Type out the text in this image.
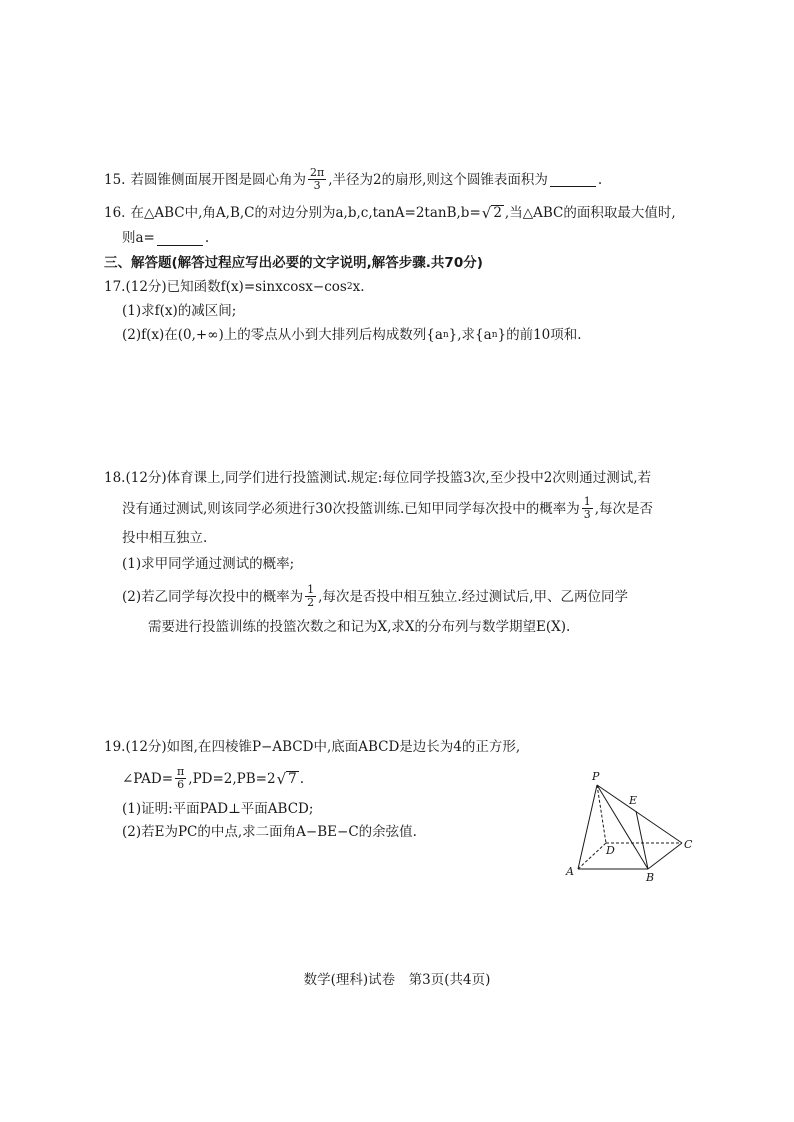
15. 若圆锥侧面展开图是圆心角为 $\frac{2\pi}{3}$ ,半径为2的扇形,则这个圆锥表面积为	.
16. 在△ABC中,角A,B,C的对边分别为a,b,c,tanA=2tanB,b= √ 2 ,当△ABC的面积取最大值时,
则a=	.
三、解答题(解答过程应写出必要的文字说明,解答步骤.共70分)
17.(12分)已知函数f(x)=sinxcosx−cos 2 x.
(1)求f(x)的减区间;
(2)f(x)在(0,+∞)上的零点从小到大排列后构成数列{a n },求{a n }的前10项和.
18.(12分)体育课上,同学们进行投篮测试.规定:每位同学投篮3次,至少投中2次则通过测试,若
没有通过测试,则该同学必须进行30次投篮训练.已知甲同学每次投中的概率为 $\frac{1}{3}$ ,每次是否
投中相互独立.
(1)求甲同学通过测试的概率;
(2)若乙同学每次投中的概率为 $\frac{1}{2}$ ,每次是否投中相互独立.经过测试后,甲、乙两位同学
需要进行投篮训练的投篮次数之和记为X,求X的分布列与数学期望E(X).
19.(12分)如图,在四棱锥P−ABCD中,底面ABCD是边长为4的正方形,
∠PAD= $\frac{\pi}{6} ,PD=2,PB=2$ √ 7 .
(1)证明:平面PAD⊥平面ABCD;
(2)若E为PC的中点,求二面角A−BE−C的余弦值.
P
E
D	C
A	B
数学(理科)试卷　第3页(共4页)
